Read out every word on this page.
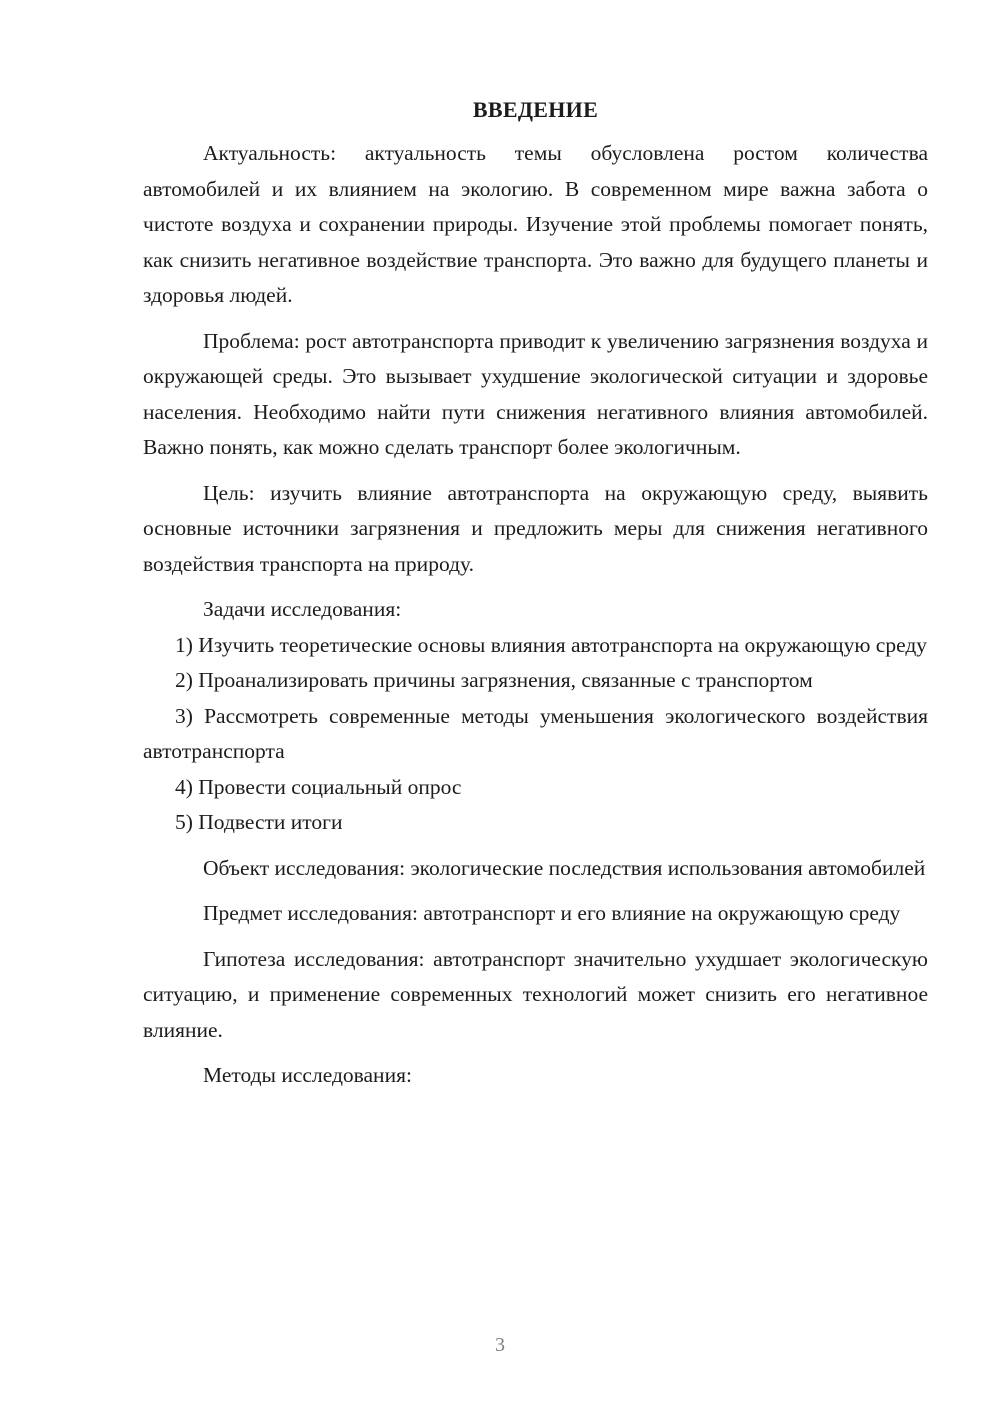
ВВЕДЕНИЕ

Актуальность: актуальность темы обусловлена ростом количества автомобилей и их влиянием на экологию. В современном мире важна забота о чистоте воздуха и сохранении природы. Изучение этой проблемы помогает понять, как снизить негативное воздействие транспорта. Это важно для будущего планеты и здоровья людей.

Проблема: рост автотранспорта приводит к увеличению загрязнения воздуха и окружающей среды. Это вызывает ухудшение экологической ситуации и здоровье населения. Необходимо найти пути снижения негативного влияния автомобилей. Важно понять, как можно сделать транспорт более экологичным.

Цель: изучить влияние автотранспорта на окружающую среду, выявить основные источники загрязнения и предложить меры для снижения негативного воздействия транспорта на природу.

Задачи исследования:

1) Изучить теоретические основы влияния автотранспорта на окружающую среду

2) Проанализировать причины загрязнения, связанные с транспортом

3) Рассмотреть современные методы уменьшения экологического воздействия автотранспорта

4) Провести социальный опрос

5) Подвести итоги

Объект исследования: экологические последствия использования автомобилей

Предмет исследования: автотранспорт и его влияние на окружающую среду

Гипотеза исследования: автотранспорт значительно ухудшает экологическую ситуацию, и применение современных технологий может снизить его негативное влияние.

Методы исследования:

3
